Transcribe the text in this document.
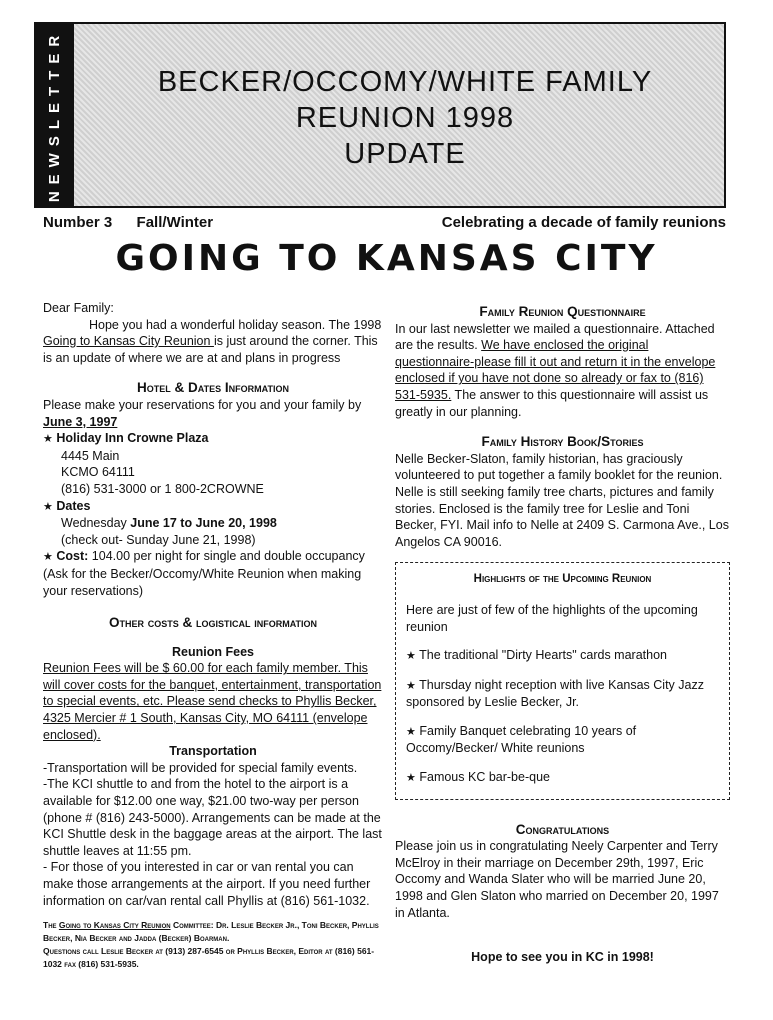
NEWSLETTER	BECKER/OCCOMY/WHITE FAMILY
REUNION 1998
UPDATE
Number 3 Fall/Winter	Celebrating a decade of family reunions
GOING TO KANSAS CITY

Dear Family:

Hope you had a wonderful holiday season. The 1998 Going to Kansas City Reunion is just around the corner. This is an update of where we are at and plans in progress

Hotel & Dates Information

Please make your reservations for you and your family by June 3, 1997

★ Holiday Inn Crowne Plaza

4445 Main

KCMO 64111

(816) 531-3000 or 1 800-2CROWNE

★ Dates

Wednesday June 17 to June 20, 1998

(check out- Sunday June 21, 1998)

★ Cost: 104.00 per night for single and double occupancy (Ask for the Becker/Occomy/White Reunion when making your reservations)

Other costs & logistical information

Reunion Fees

Reunion Fees will be $ 60.00 for each family member. This will cover costs for the banquet, entertainment, transportation to special events, etc. Please send checks to Phyllis Becker, 4325 Mercier # 1 South, Kansas City, MO 64111 (envelope enclosed).

Transportation

-Transportation will be provided for special family events.

-The KCI shuttle to and from the hotel to the airport is a available for $12.00 one way, $21.00 two-way per person (phone # (816) 243-5000). Arrangements can be made at the KCI Shuttle desk in the baggage areas at the airport. The last shuttle leaves at 11:55 pm.

- For those of you interested in car or van rental you can make those arrangements at the airport. If you need further information on car/van rental call Phyllis at (816) 561-1032.

The Going to Kansas City Reunion Committee: Dr. Leslie Becker Jr., Toni Becker, Phyllis Becker, Nia Becker and Jadda (Becker) Boarman.

Questions call Leslie Becker at (913) 287-6545 or Phyllis Becker, Editor at (816) 561-1032 fax (816) 531-5935.

Family Reunion Questionnaire

In our last newsletter we mailed a questionnaire. Attached are the results. We have enclosed the original questionnaire-please fill it out and return it in the envelope enclosed if you have not done so already or fax to (816) 531-5935. The answer to this questionnaire will assist us greatly in our planning.

Family History Book/Stories

Nelle Becker-Slaton, family historian, has graciously volunteered to put together a family booklet for the reunion. Nelle is still seeking family tree charts, pictures and family stories. Enclosed is the family tree for Leslie and Toni Becker, FYI. Mail info to Nelle at 2409 S. Carmona Ave., Los Angelos CA 90016.

Highlights of the Upcoming Reunion

Here are just of few of the highlights of the upcoming reunion

★ The traditional "Dirty Hearts" cards marathon

★ Thursday night reception with live Kansas City Jazz sponsored by Leslie Becker, Jr.

★ Family Banquet celebrating 10 years of Occomy/Becker/ White reunions

★ Famous KC bar-be-que

Congratulations

Please join us in congratulating Neely Carpenter and Terry McElroy in their marriage on December 29th, 1997, Eric Occomy and Wanda Slater who will be married June 20, 1998 and Glen Slaton who married on December 20, 1997 in Atlanta.

Hope to see you in KC in 1998!
